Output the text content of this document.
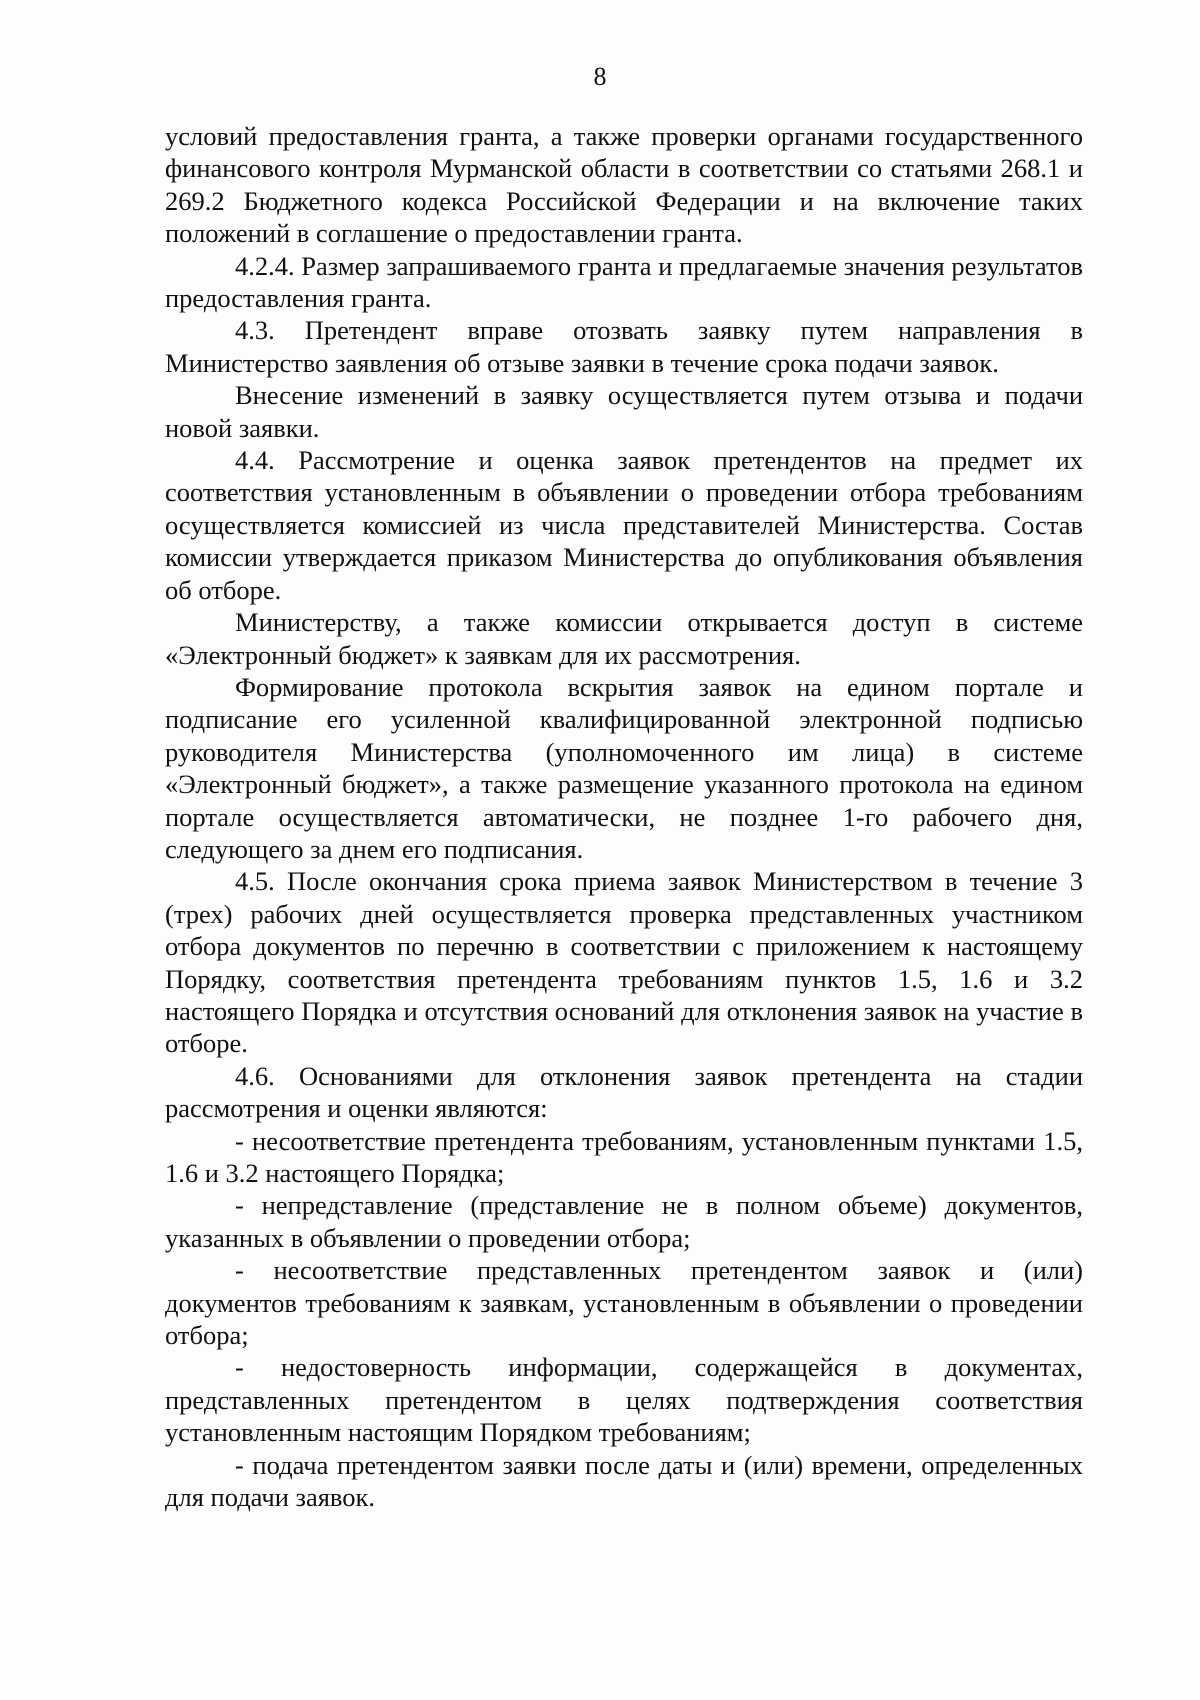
8

условий предоставления гранта, а также проверки органами государственного финансового контроля Мурманской области в соответствии со статьями 268.1 и 269.2 Бюджетного кодекса Российской Федерации и на включение таких положений в соглашение о предоставлении гранта.

4.2.4. Размер запрашиваемого гранта и предлагаемые значения результатов предоставления гранта.

4.3. Претендент вправе отозвать заявку путем направления в Министерство заявления об отзыве заявки в течение срока подачи заявок.

Внесение изменений в заявку осуществляется путем отзыва и подачи новой заявки.

4.4. Рассмотрение и оценка заявок претендентов на предмет их соответствия установленным в объявлении о проведении отбора требованиям осуществляется комиссией из числа представителей Министерства. Состав комиссии утверждается приказом Министерства до опубликования объявления об отборе.

Министерству, а также комиссии открывается доступ в системе «Электронный бюджет» к заявкам для их рассмотрения.

Формирование протокола вскрытия заявок на едином портале и подписание его усиленной квалифицированной электронной подписью руководителя Министерства (уполномоченного им лица) в системе «Электронный бюджет», а также размещение указанного протокола на едином портале осуществляется автоматически, не позднее 1-го рабочего дня, следующего за днем его подписания.

4.5. После окончания срока приема заявок Министерством в течение 3 (трех) рабочих дней осуществляется проверка представленных участником отбора документов по перечню в соответствии с приложением к настоящему Порядку, соответствия претендента требованиям пунктов 1.5, 1.6 и 3.2 настоящего Порядка и отсутствия оснований для отклонения заявок на участие в отборе.

4.6. Основаниями для отклонения заявок претендента на стадии рассмотрения и оценки являются:

- несоответствие претендента требованиям, установленным пунктами 1.5, 1.6 и 3.2 настоящего Порядка;

- непредставление (представление не в полном объеме) документов, указанных в объявлении о проведении отбора;

- несоответствие представленных претендентом заявок и (или) документов требованиям к заявкам, установленным в объявлении о проведении отбора;

- недостоверность информации, содержащейся в документах, представленных претендентом в целях подтверждения соответствия установленным настоящим Порядком требованиям;

- подача претендентом заявки после даты и (или) времени, определенных для подачи заявок.
